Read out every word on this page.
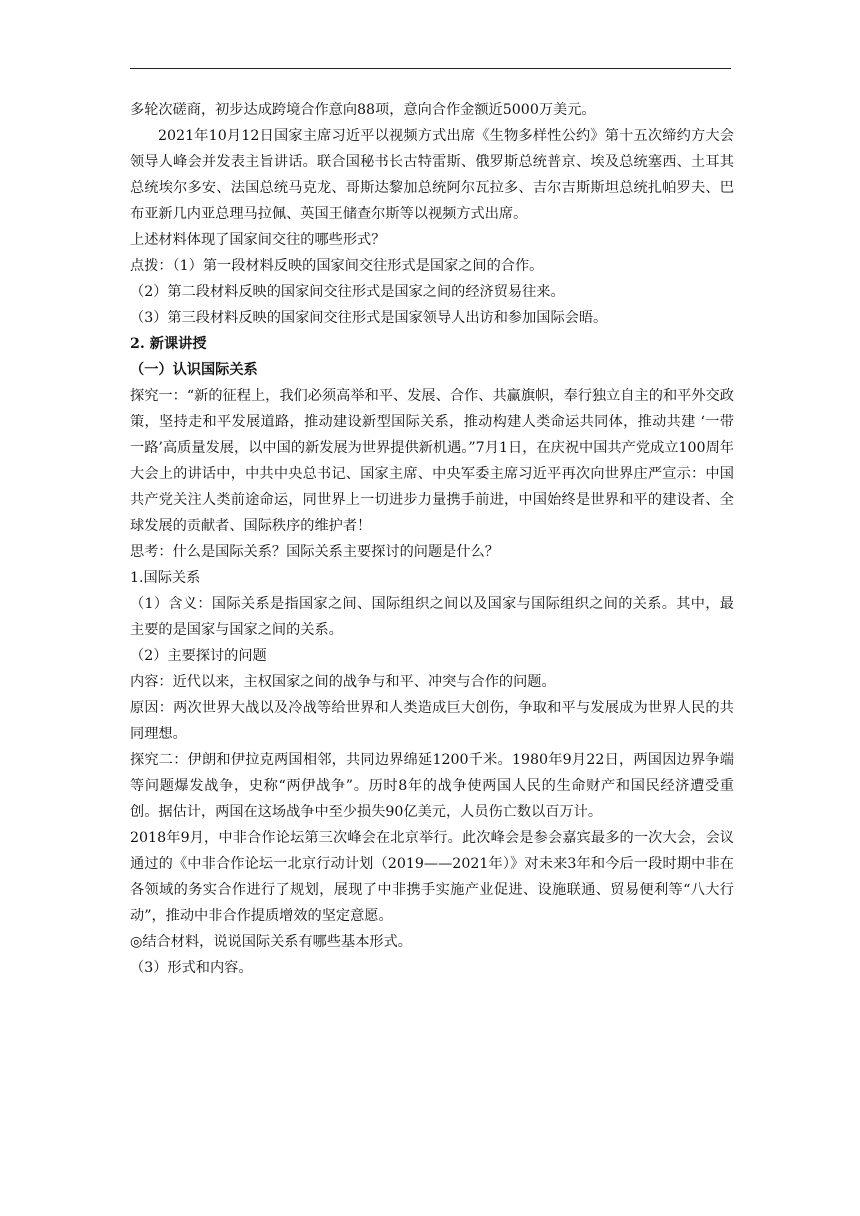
多轮次磋商，初步达成跨境合作意向88项，意向合作金额近5000万美元。

2021年10月12日国家主席习近平以视频方式出席《生物多样性公约》第十五次缔约方大会领导人峰会并发表主旨讲话。联合国秘书长古特雷斯、俄罗斯总统普京、埃及总统塞西、土耳其总统埃尔多安、法国总统马克龙、哥斯达黎加总统阿尔瓦拉多、吉尔吉斯斯坦总统扎帕罗夫、巴布亚新几内亚总理马拉佩、英国王储查尔斯等以视频方式出席。

上述材料体现了国家间交往的哪些形式？

点拨：（1）第一段材料反映的国家间交往形式是国家之间的合作。

（2）第二段材料反映的国家间交往形式是国家之间的经济贸易往来。

（3）第三段材料反映的国家间交往形式是国家领导人出访和参加国际会晤。

2. 新课讲授

（一）认识国际关系

探究一：“新的征程上，我们必须高举和平、发展、合作、共赢旗帜，奉行独立自主的和平外交政策，坚持走和平发展道路，推动建设新型国际关系，推动构建人类命运共同体，推动共建 ‘一带一路’高质量发展，以中国的新发展为世界提供新机遇。”7月1日，在庆祝中国共产党成立100周年大会上的讲话中，中共中央总书记、国家主席、中央军委主席习近平再次向世界庄严宣示：中国共产党关注人类前途命运，同世界上一切进步力量携手前进，中国始终是世界和平的建设者、全球发展的贡献者、国际秩序的维护者！

思考：什么是国际关系？国际关系主要探讨的问题是什么？

1.国际关系

（1）含义：国际关系是指国家之间、国际组织之间以及国家与国际组织之间的关系。其中，最主要的是国家与国家之间的关系。

（2）主要探讨的问题

内容：近代以来，主权国家之间的战争与和平、冲突与合作的问题。

原因：两次世界大战以及冷战等给世界和人类造成巨大创伤，争取和平与发展成为世界人民的共同理想。

探究二：伊朗和伊拉克两国相邻，共同边界绵延1200千米。1980年9月22日，两国因边界争端等问题爆发战争，史称“两伊战争”。历时8年的战争使两国人民的生命财产和国民经济遭受重创。据估计，两国在这场战争中至少损失90亿美元，人员伤亡数以百万计。

2018年9月，中非合作论坛第三次峰会在北京举行。此次峰会是参会嘉宾最多的一次大会，会议通过的《中非合作论坛一北京行动计划（2019——2021年）》对未来3年和今后一段时期中非在各领域的务实合作进行了规划，展现了中非携手实施产业促进、设施联通、贸易便利等“八大行动”，推动中非合作提质增效的坚定意愿。

◎结合材料，说说国际关系有哪些基本形式。

（3）形式和内容。
